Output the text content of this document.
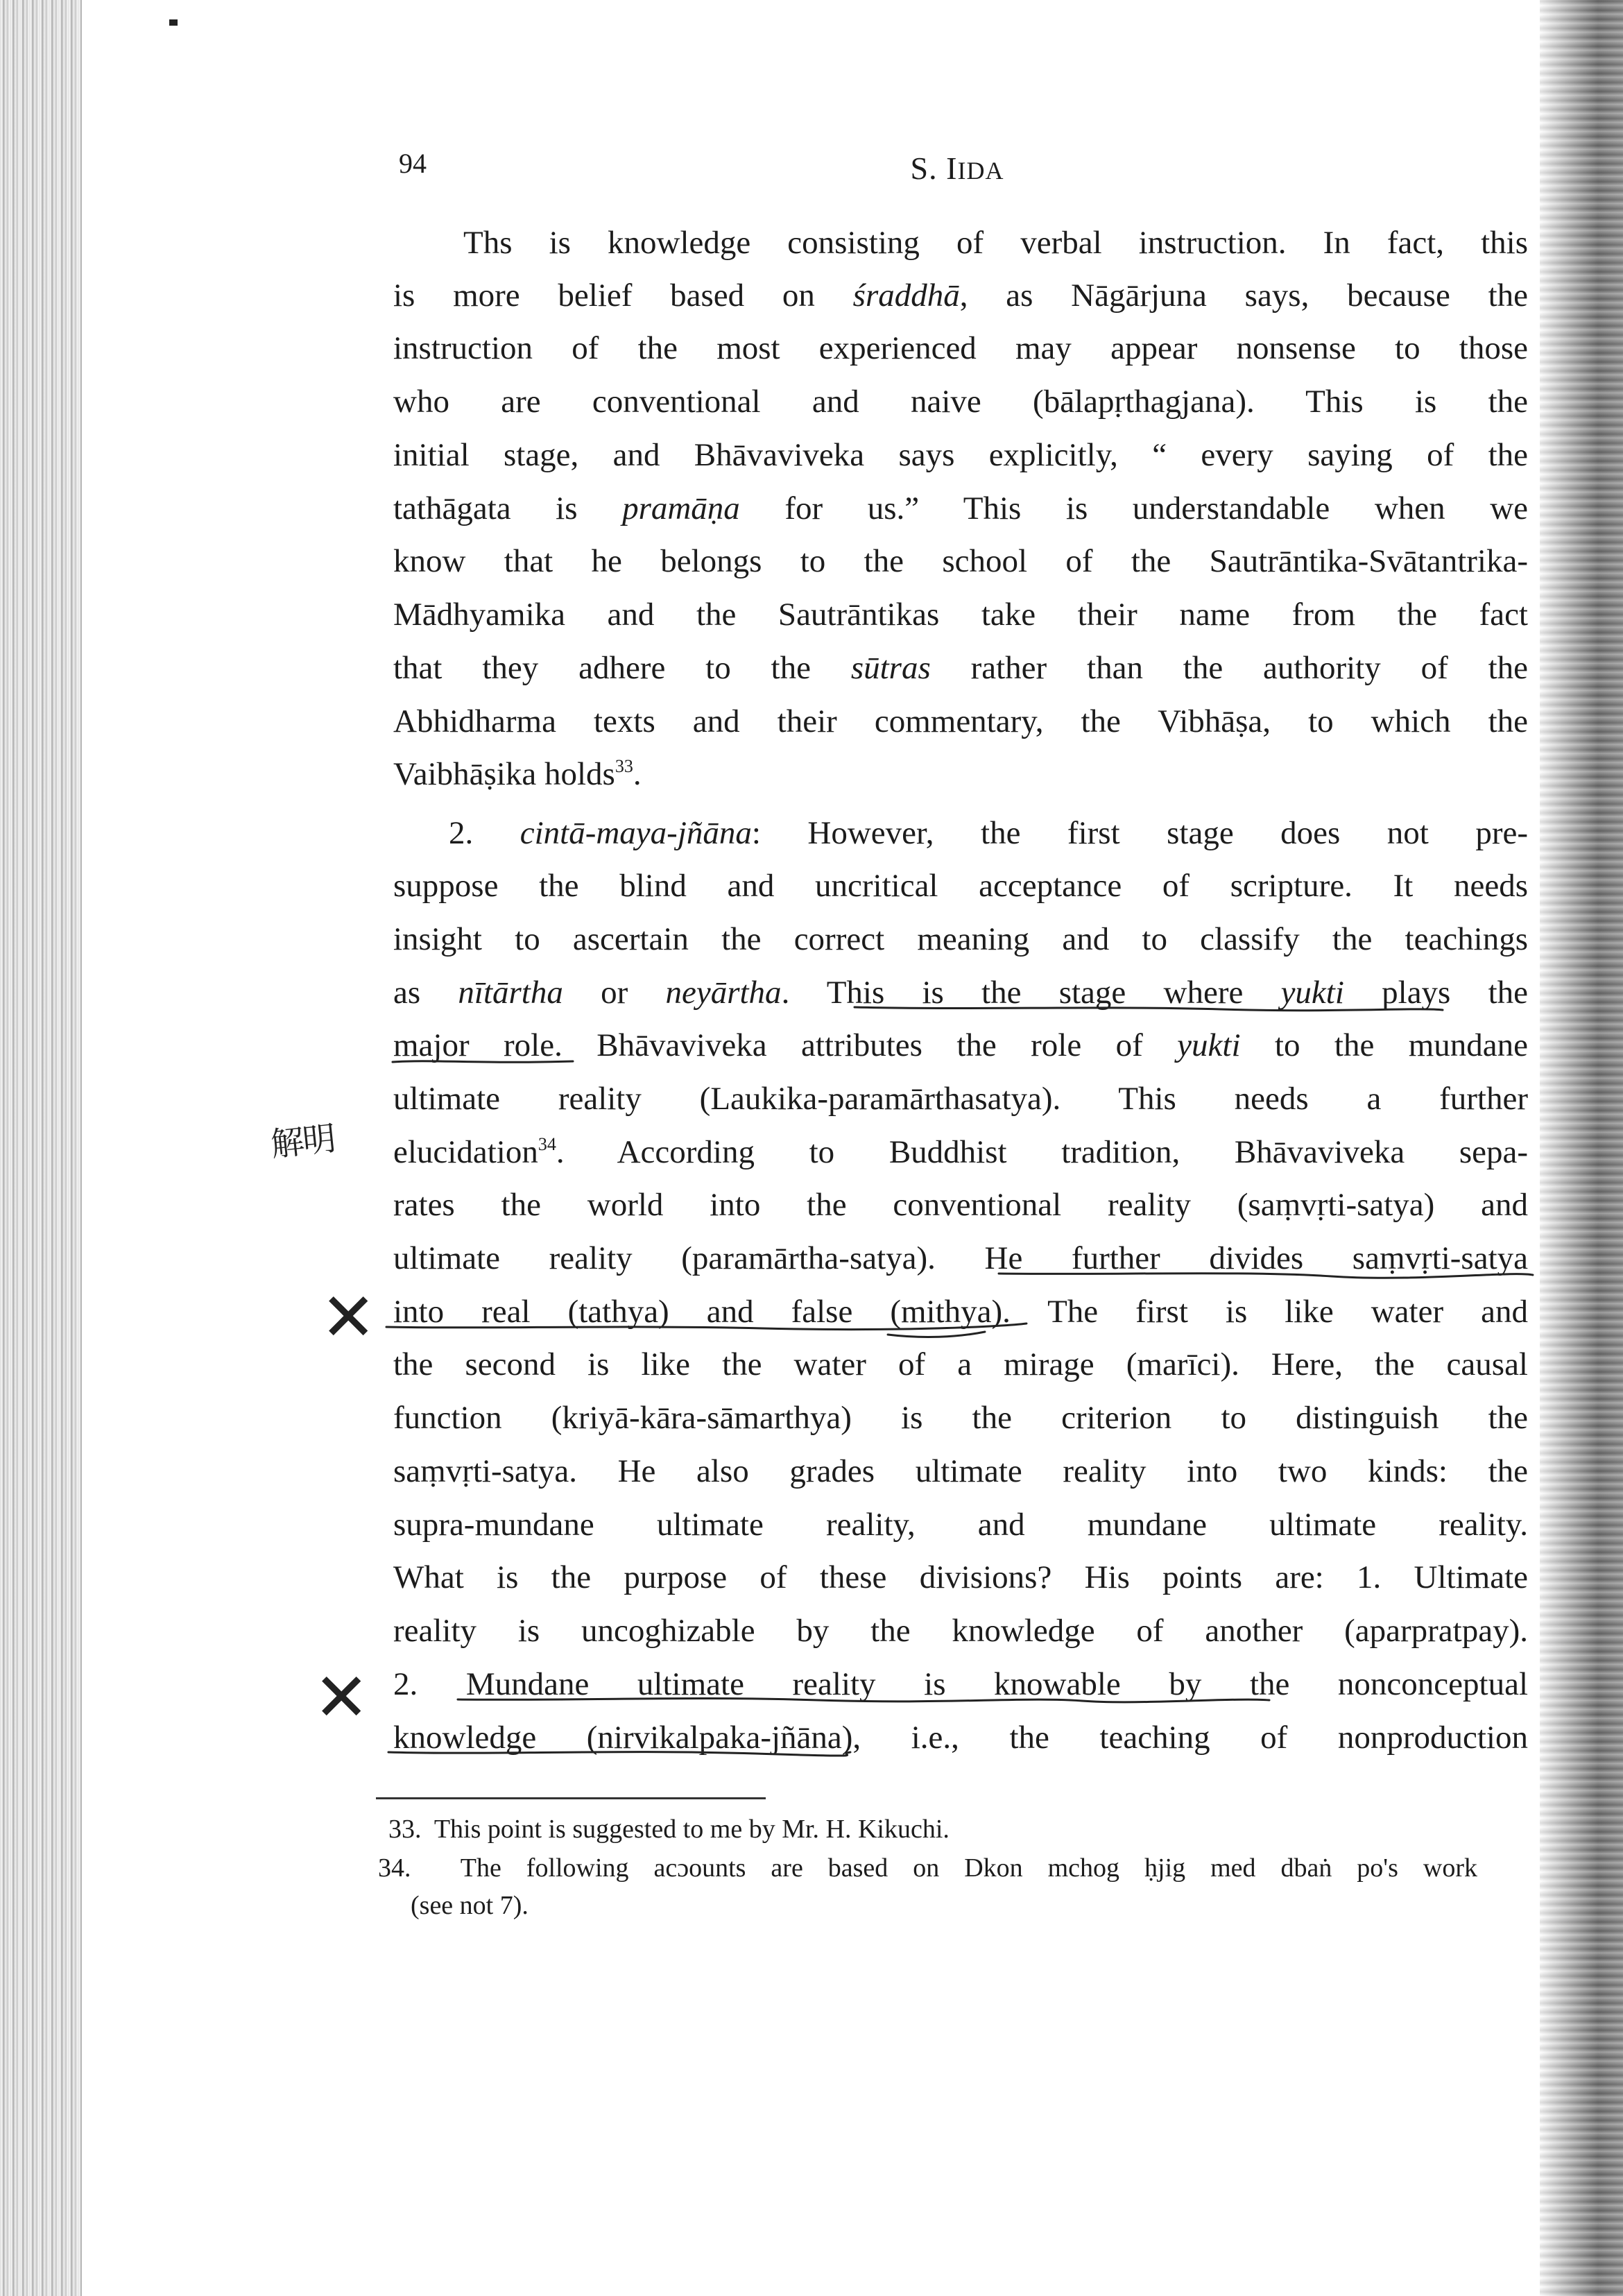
94	S. IIDA
Ths is knowledge consisting of verbal instruction. In fact, this
is more belief based on śraddhā, as Nāgārjuna says, because the
instruction of the most experienced may appear nonsense to those
who are conventional and naive (bālapṛthagjana). This is the
initial stage, and Bhāvaviveka says explicitly, “ every saying of the
tathāgata is pramāṇa for us.” This is understandable when we
know that he belongs to the school of the Sautrāntika-Svātantrika-
Mādhyamika and the Sautrāntikas take their name from the fact
that they adhere to the sūtras rather than the authority of the
Abhidharma texts and their commentary, the Vibhāṣa, to which the
Vaibhāṣika holds$^{33}$.
2. cintā-maya-jñāna: However, the first stage does not pre-
suppose the blind and uncritical acceptance of scripture. It needs
insight to ascertain the correct meaning and to classify the teachings
as nītārtha or neyārtha. This is the stage where yukti plays the
major role. Bhāvaviveka attributes the role of yukti to the mundane
ultimate reality (Laukika-paramārthasatya). This needs a further
elucidation$^{34}$. According to Buddhist tradition, Bhāvaviveka sepa-
rates the world into the conventional reality (saṃvṛti-satya) and
ultimate reality (paramārtha-satya). He further divides saṃvṛti-satya
into real (tathya) and false (mithya). The first is like water and
the second is like the water of a mirage (marīci). Here, the causal
function (kriyā-kāra-sāmarthya) is the criterion to distinguish the
saṃvṛti-satya. He also grades ultimate reality into two kinds: the
supra-mundane ultimate reality, and mundane ultimate reality.
What is the purpose of these divisions? His points are: 1. Ultimate
reality is uncoghizable by the knowledge of another (aparpratpay).
2. Mundane ultimate reality is knowable by the nonconceptual
knowledge (nirvikalpaka-jñāna), i.e., the teaching of nonproduction
33. This point is suggested to me by Mr. H. Kikuchi.
34. The following acɔounts are based on Dkon mchog ḥjig med dbaṅ po's work
(see not 7).
解明
✕
✕
